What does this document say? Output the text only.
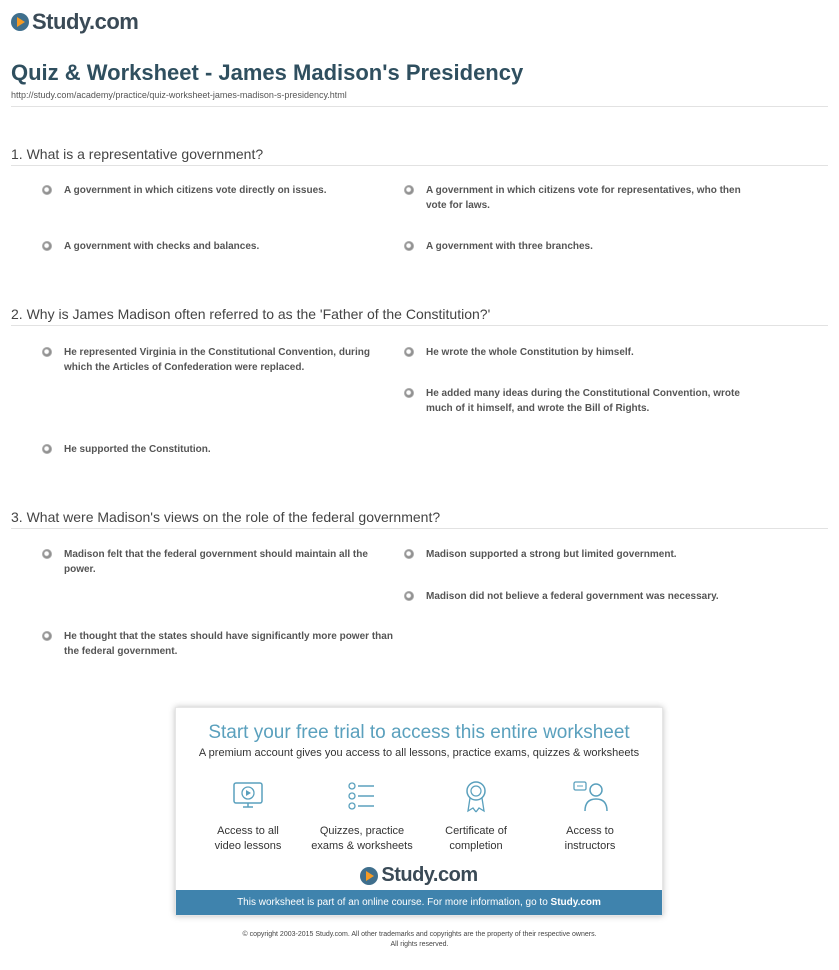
Study.com
Quiz & Worksheet - James Madison's Presidency
http://study.com/academy/practice/quiz-worksheet-james-madison-s-presidency.html
1. What is a representative government?
A government in which citizens vote directly on issues.	A government in which citizens vote for representatives, who then vote for laws.
A government with checks and balances.	A government with three branches.
2. Why is James Madison often referred to as the 'Father of the Constitution?'
He represented Virginia in the Constitutional Convention, during which the Articles of Confederation were replaced.
He wrote the whole Constitution by himself.
He added many ideas during the Constitutional Convention, wrote much of it himself, and wrote the Bill of Rights.
He supported the Constitution.
3. What were Madison's views on the role of the federal government?
Madison felt that the federal government should maintain all the power.
Madison supported a strong but limited government.
Madison did not believe a federal government was necessary.
He thought that the states should have significantly more power than the federal government.
Start your free trial to access this entire worksheet
A premium account gives you access to all lessons, practice exams, quizzes & worksheets
Access to all
video lessons
Quizzes, practice
exams & worksheets
Certificate of
completion
Access to
instructors
Study.com
This worksheet is part of an online course. For more information, go to Study.com
© copyright 2003-2015 Study.com. All other trademarks and copyrights are the property of their respective owners.
All rights reserved.
